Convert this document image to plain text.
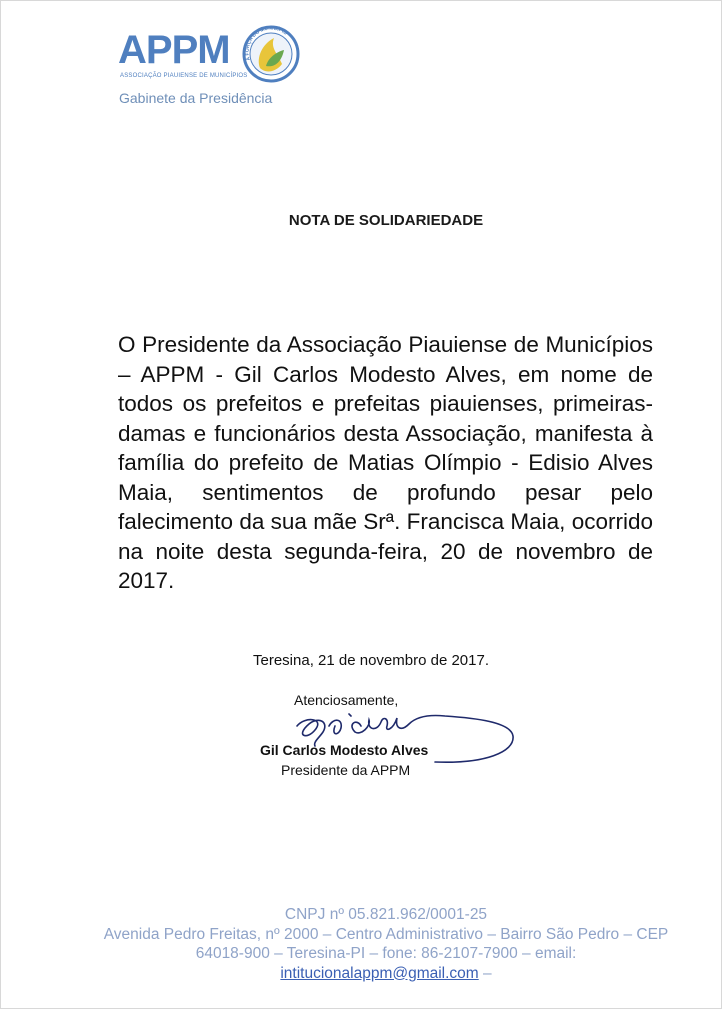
APPM
ASSOCIAÇÃO PIAUIENSE DE MUNICÍPIOS
A FORÇA DO MUNICÍPIO
Gabinete da Presidência
NOTA DE SOLIDARIEDADE
O Presidente da Associação Piauiense de Municípios – APPM - Gil Carlos Modesto Alves, em nome de todos os prefeitos e prefeitas piauienses, primeiras-damas e funcionários desta Associação, manifesta à família do prefeito de Matias Olímpio - Edisio Alves Maia, sentimentos de profundo pesar pelo falecimento da sua mãe Srª. Francisca Maia, ocorrido na noite desta segunda-feira, 20 de novembro de 2017.
Teresina, 21 de novembro de 2017.
Atenciosamente,
Gil Carlos Modesto Alves
Presidente da APPM
CNPJ nº 05.821.962/0001-25
Avenida Pedro Freitas, nº 2000 – Centro Administrativo – Bairro São Pedro – CEP 64018-900 – Teresina-PI – fone: 86-2107-7900 – email: intitucionalappm@gmail.com –
